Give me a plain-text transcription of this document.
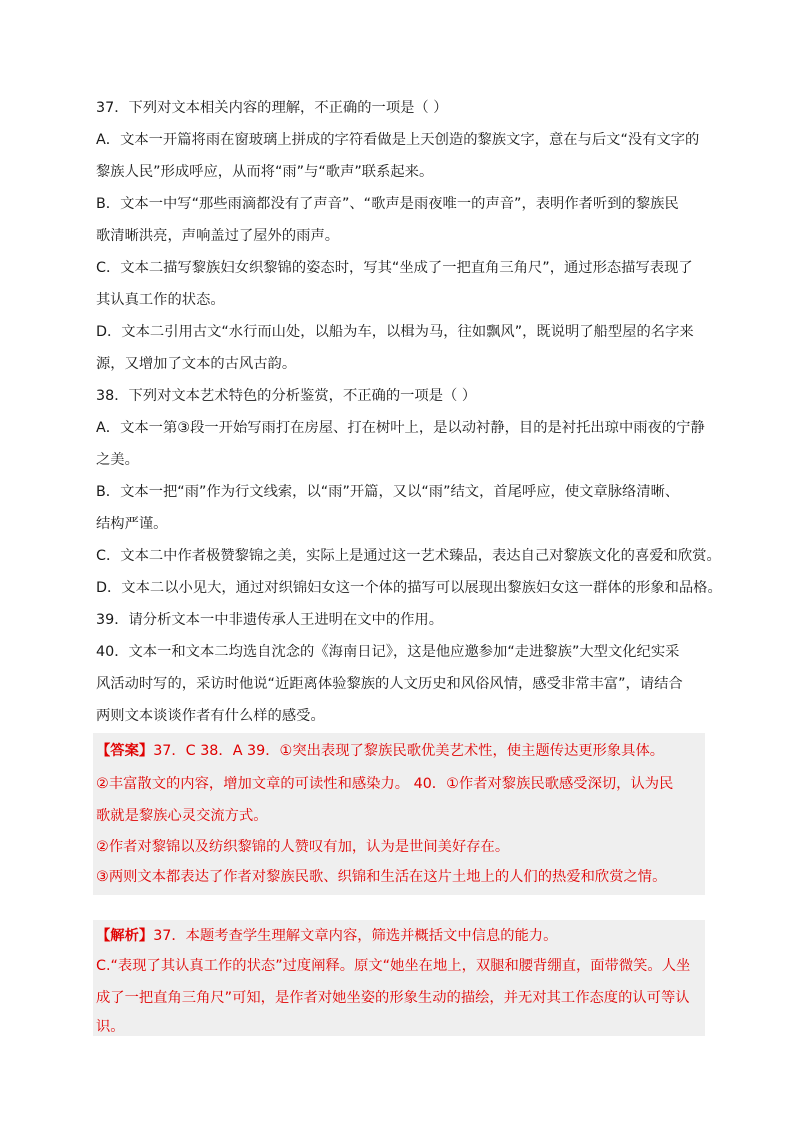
37．下列对文本相关内容的理解，不正确的一项是（ ）
A．文本一开篇将雨在窗玻璃上拼成的字符看做是上天创造的黎族文字，意在与后文“没有文字的
黎族人民”形成呼应，从而将“雨”与“歌声”联系起来。
B．文本一中写“那些雨滴都没有了声音”、“歌声是雨夜唯一的声音”，表明作者听到的黎族民
歌清晰洪亮，声响盖过了屋外的雨声。
C．文本二描写黎族妇女织黎锦的姿态时，写其“坐成了一把直角三角尺”，通过形态描写表现了
其认真工作的状态。
D．文本二引用古文“水行而山处，以船为车，以楫为马，往如飘风”，既说明了船型屋的名字来
源，又增加了文本的古风古韵。
38．下列对文本艺术特色的分析鉴赏，不正确的一项是（ ）
A．文本一第③段一开始写雨打在房屋、打在树叶上，是以动衬静，目的是衬托出琼中雨夜的宁静
之美。
B．文本一把“雨”作为行文线索，以“雨”开篇，又以“雨”结文，首尾呼应，使文章脉络清晰、
结构严谨。
C．文本二中作者极赞黎锦之美，实际上是通过这一艺术臻品，表达自己对黎族文化的喜爱和欣赏。
D．文本二以小见大，通过对织锦妇女这一个体的描写可以展现出黎族妇女这一群体的形象和品格。
39．请分析文本一中非遗传承人王进明在文中的作用。
40．文本一和文本二均选自沈念的《海南日记》，这是他应邀参加“走进黎族”大型文化纪实采
风活动时写的，采访时他说“近距离体验黎族的人文历史和风俗风情，感受非常丰富”，请结合
两则文本谈谈作者有什么样的感受。
【答案】37．C 38．A 39．①突出表现了黎族民歌优美艺术性，使主题传达更形象具体。
②丰富散文的内容，增加文章的可读性和感染力。 40．①作者对黎族民歌感受深切，认为民
歌就是黎族心灵交流方式。
②作者对黎锦以及纺织黎锦的人赞叹有加，认为是世间美好存在。
③两则文本都表达了作者对黎族民歌、织锦和生活在这片土地上的人们的热爱和欣赏之情。
【解析】37．本题考查学生理解文章内容，筛选并概括文中信息的能力。
C.“表现了其认真工作的状态”过度阐释。原文“她坐在地上，双腿和腰背绷直，面带微笑。人坐
成了一把直角三角尺”可知，是作者对她坐姿的形象生动的描绘，并无对其工作态度的认可等认
识。
